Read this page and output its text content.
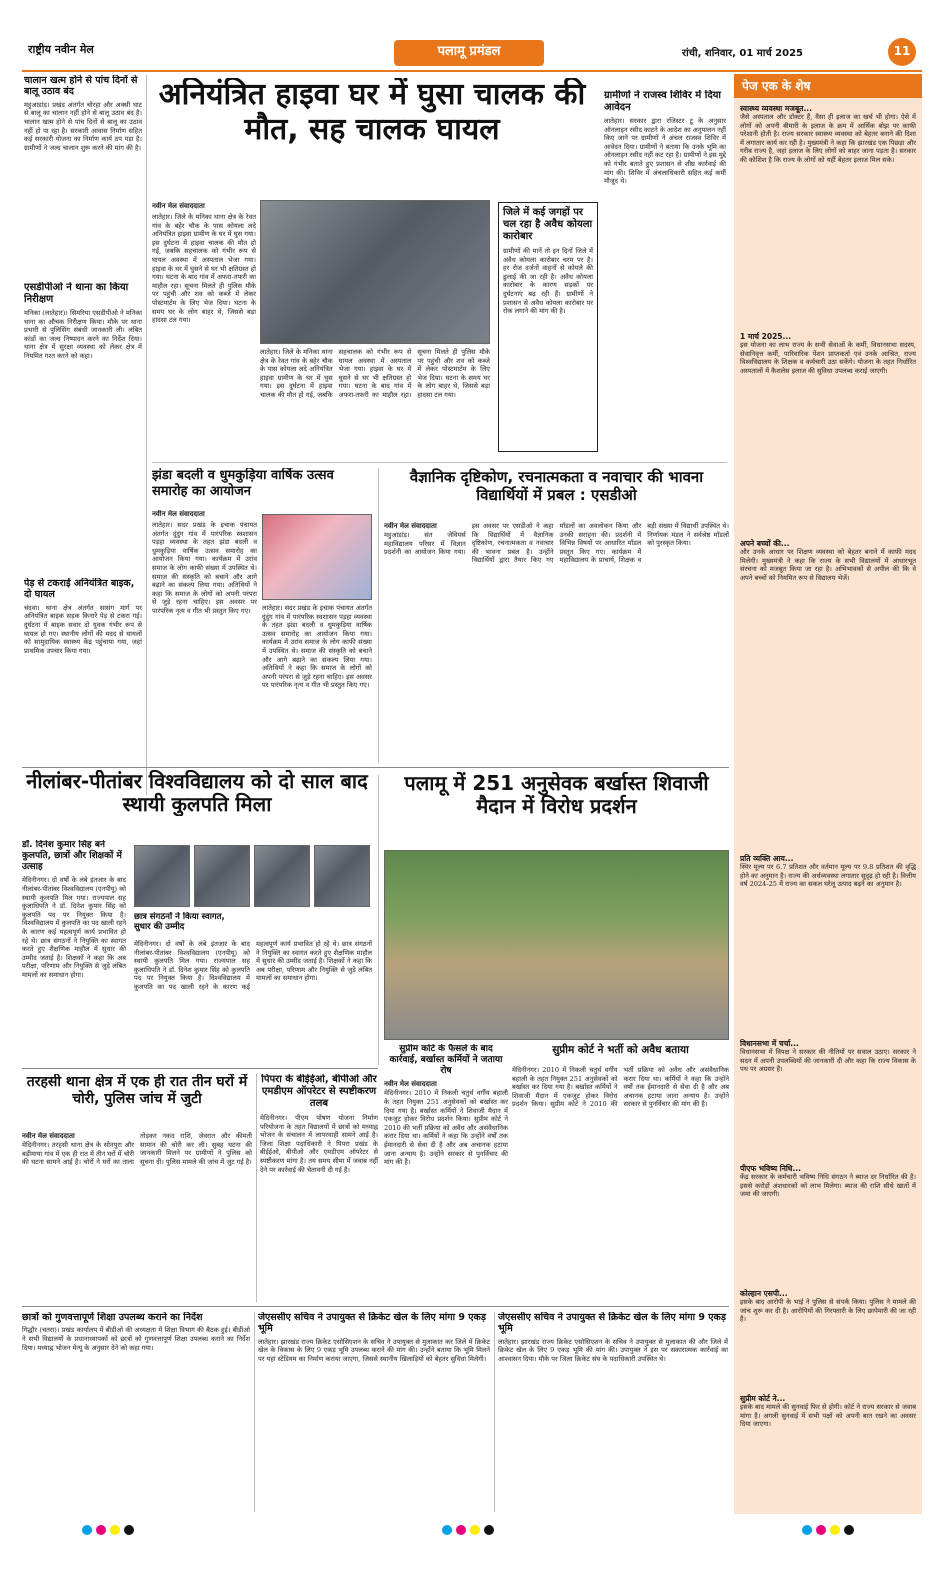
राष्ट्रीय नवीन मेल	पलामू प्रमंडल	रांची, शनिवार, 01 मार्च 2025	11
चालान खत्म होने से पांच दिनों से बालू उठाव बंद
महुआडांड़। प्रखंड अंतर्गत चोरहा और अक्सी घाट से बालू का चालान नहीं होने से बालू उठाव बंद है। चालान खत्म होने से पांच दिनों से बालू का उठाव नहीं हो पा रहा है। सरकारी आवास निर्माण सहित कई सरकारी योजना का निर्माण कार्य ठप पड़ा है। ग्रामीणों ने जल्द चालान शुरू करने की मांग की है।
एसडीपीओ ने थाना का किया निरीक्षण
मनिका (लातेहार)। सिमरिया एसडीपीओ ने मनिका थाना का औचक निरीक्षण किया। मौके पर थाना प्रभारी से पुलिसिंग संबंधी जानकारी ली। लंबित कांडों का जल्द निष्पादन करने का निर्देश दिया। थाना क्षेत्र में सुरक्षा व्यवस्था को लेकर क्षेत्र में नियमित गश्त करने को कहा।
पेड़ से टकराई अनियंत्रित बाइक, दो घायल
चंदवा। थाना क्षेत्र अंतर्गत सासंग मार्ग पर अनियंत्रित बाइक सड़क किनारे पेड़ से टकरा गई। दुर्घटना में बाइक सवार दो युवक गंभीर रूप से घायल हो गए। स्थानीय लोगों की मदद से घायलों को सामुदायिक स्वास्थ्य केंद्र पहुंचाया गया, जहां प्राथमिक उपचार किया गया।
अनियंत्रित हाइवा घर में घुसा चालक की मौत, सह चालक घायल
नवीन मेल संवाददाता
लातेहार। जिले के मनिका थाना क्षेत्र के रेवत गांव के बहेर चौक के पास कोयला लदे अनियंत्रित हाइवा ग्रामीण के घर में घुस गया। इस दुर्घटना में हाइवा चालक की मौत हो गई, जबकि सहचालक को गंभीर रूप से घायल अवस्था में अस्पताल भेजा गया। हाइवा के घर में घुसने से घर भी क्षतिग्रस्त हो गया। घटना के बाद गांव में अफरा-तफरी का माहौल रहा। सूचना मिलते ही पुलिस मौके पर पहुंची और शव को कब्जे में लेकर पोस्टमार्टम के लिए भेज दिया। घटना के समय घर के लोग बाहर थे, जिससे बड़ा हादसा टल गया।
लातेहार। जिले के मनिका थाना क्षेत्र के रेवत गांव के बहेर चौक के पास कोयला लदे अनियंत्रित हाइवा ग्रामीण के घर में घुस गया। इस दुर्घटना में हाइवा चालक की मौत हो गई, जबकि सहचालक को गंभीर रूप से घायल अवस्था में अस्पताल भेजा गया। हाइवा के घर में घुसने से घर भी क्षतिग्रस्त हो गया। घटना के बाद गांव में अफरा-तफरी का माहौल रहा। सूचना मिलते ही पुलिस मौके पर पहुंची और शव को कब्जे में लेकर पोस्टमार्टम के लिए भेज दिया। घटना के समय घर के लोग बाहर थे, जिससे बड़ा हादसा टल गया।
जिले में कई जगहों पर चल रहा है अवैध कोयला कारोबार
ग्रामीणों की मानें तो इन दिनों जिले में अवैध कोयला कारोबार चरम पर है। हर रोज दर्जनों वाहनों से कोयले की ढुलाई की जा रही है। अवैध कोयला कारोबार के कारण सड़कों पर दुर्घटनाएं बढ़ रही हैं। ग्रामीणों ने प्रशासन से अवैध कोयला कारोबार पर रोक लगाने की मांग की है।
ग्रामीणों ने राजस्व शिविर में दिया आवेदन
लातेहार। सरकार द्वारा रजिस्टर टू के अनुसार ऑनलाइन रसीद काटने के आदेश का अनुपालन नहीं किए जाने पर ग्रामीणों ने अंचल राजस्व शिविर में आवेदन दिया। ग्रामीणों ने बताया कि उनके भूमि का ऑनलाइन रसीद नहीं कट रहा है। ग्रामीणों ने इस मुद्दे को गंभीर बताते हुए प्रशासन से शीघ्र कार्रवाई की मांग की। शिविर में अंचलाधिकारी सहित कई कर्मी मौजूद थे।
झंडा बदली व धुमकुड़िया वार्षिक उत्सव समारोह का आयोजन
नवीन मेल संवाददाता
लातेहार। सदर प्रखंड के इचाक पंचायत अंतर्गत दुंदुंग गांव में पारंपरिक स्वशासन पड़हा व्यवस्था के तहत झंडा बदली व धुमकुड़िया वार्षिक उत्सव समारोह का आयोजन किया गया। कार्यक्रम में उरांव समाज के लोग काफी संख्या में उपस्थित थे। समाज की संस्कृति को बचाने और आगे बढ़ाने का संकल्प लिया गया। अतिथियों ने कहा कि समाज के लोगों को अपनी परंपरा से जुड़े रहना चाहिए। इस अवसर पर पारंपरिक नृत्य व गीत भी प्रस्तुत किए गए।	लातेहार। सदर प्रखंड के इचाक पंचायत अंतर्गत दुंदुंग गांव में पारंपरिक स्वशासन पड़हा व्यवस्था के तहत झंडा बदली व धुमकुड़िया वार्षिक उत्सव समारोह का आयोजन किया गया। कार्यक्रम में उरांव समाज के लोग काफी संख्या में उपस्थित थे। समाज की संस्कृति को बचाने और आगे बढ़ाने का संकल्प लिया गया। अतिथियों ने कहा कि समाज के लोगों को अपनी परंपरा से जुड़े रहना चाहिए। इस अवसर पर पारंपरिक नृत्य व गीत भी प्रस्तुत किए गए।
वैज्ञानिक दृष्टिकोण, रचनात्मकता व नवाचार की भावना विद्यार्थियों में प्रबल : एसडीओ
नवीन मेल संवाददाता
महुआडांड़। संत जेवियर्स महाविद्यालय परिसर में विज्ञान प्रदर्शनी का आयोजन किया गया। इस अवसर पर एसडीओ ने कहा कि विद्यार्थियों में वैज्ञानिक दृष्टिकोण, रचनात्मकता व नवाचार की भावना प्रबल है। उन्होंने विद्यार्थियों द्वारा तैयार किए गए मॉडलों का अवलोकन किया और उनकी सराहना की। प्रदर्शनी में विभिन्न विषयों पर आधारित मॉडल प्रस्तुत किए गए। कार्यक्रम में महाविद्यालय के प्राचार्य, शिक्षक व बड़ी संख्या में विद्यार्थी उपस्थित थे। निर्णायक मंडल ने सर्वश्रेष्ठ मॉडलों को पुरस्कृत किया।
नीलांबर-पीतांबर विश्वविद्यालय को दो साल बाद स्थायी कुलपति मिला
डॉ. दिनेश कुमार सिंह बने कुलपति, छात्रों और शिक्षकों में उत्साह
मेदिनीनगर। दो वर्षों के लंबे इंतजार के बाद नीलांबर-पीतांबर विश्वविद्यालय (एनपीयू) को स्थायी कुलपति मिल गया। राज्यपाल सह कुलाधिपति ने डॉ. दिनेश कुमार सिंह को कुलपति पद पर नियुक्त किया है। विश्वविद्यालय में कुलपति का पद खाली रहने के कारण कई महत्वपूर्ण कार्य प्रभावित हो रहे थे। छात्र संगठनों ने नियुक्ति का स्वागत करते हुए शैक्षणिक माहौल में सुधार की उम्मीद जताई है। शिक्षकों ने कहा कि अब परीक्षा, परिणाम और नियुक्ति से जुड़े लंबित मामलों का समाधान होगा।
छात्र संगठनों ने किया स्वागत, सुधार की उम्मीद
मेदिनीनगर। दो वर्षों के लंबे इंतजार के बाद नीलांबर-पीतांबर विश्वविद्यालय (एनपीयू) को स्थायी कुलपति मिल गया। राज्यपाल सह कुलाधिपति ने डॉ. दिनेश कुमार सिंह को कुलपति पद पर नियुक्त किया है। विश्वविद्यालय में कुलपति का पद खाली रहने के कारण कई महत्वपूर्ण कार्य प्रभावित हो रहे थे। छात्र संगठनों ने नियुक्ति का स्वागत करते हुए शैक्षणिक माहौल में सुधार की उम्मीद जताई है। शिक्षकों ने कहा कि अब परीक्षा, परिणाम और नियुक्ति से जुड़े लंबित मामलों का समाधान होगा।
पलामू में 251 अनुसेवक बर्खास्त शिवाजी मैदान में विरोध प्रदर्शन
सुप्रीम कोर्ट ने भर्ती को अवैध बताया
सुप्रीम कोर्ट के फैसले के बाद कार्रवाई, बर्खास्त कर्मियों ने जताया रोष
नवीन मेल संवाददाता
मेदिनीनगर। 2010 में निकली चतुर्थ वर्गीय बहाली के तहत नियुक्त 251 अनुसेवकों को बर्खास्त कर दिया गया है। बर्खास्त कर्मियों ने शिवाजी मैदान में एकजुट होकर विरोध प्रदर्शन किया। सुप्रीम कोर्ट ने 2010 की भर्ती प्रक्रिया को अवैध और असंवैधानिक करार दिया था। कर्मियों ने कहा कि उन्होंने वर्षों तक ईमानदारी से सेवा दी है और अब अचानक हटाया जाना अन्याय है। उन्होंने सरकार से पुनर्विचार की मांग की है।
मेदिनीनगर। 2010 में निकली चतुर्थ वर्गीय बहाली के तहत नियुक्त 251 अनुसेवकों को बर्खास्त कर दिया गया है। बर्खास्त कर्मियों ने शिवाजी मैदान में एकजुट होकर विरोध प्रदर्शन किया। सुप्रीम कोर्ट ने 2010 की भर्ती प्रक्रिया को अवैध और असंवैधानिक करार दिया था। कर्मियों ने कहा कि उन्होंने वर्षों तक ईमानदारी से सेवा दी है और अब अचानक हटाया जाना अन्याय है। उन्होंने सरकार से पुनर्विचार की मांग की है।
तरहसी थाना क्षेत्र में एक ही रात तीन घरों में चोरी, पुलिस जांच में जुटी
नवीन मेल संवाददाता
मेदिनीनगर। तरहसी थाना क्षेत्र के सोनपुरा और बड़ीमाया गांव में एक ही रात में तीन घरों में चोरी की घटना सामने आई है। चोरों ने घरों का ताला तोड़कर नकद राशि, जेवरात और कीमती सामान की चोरी कर ली। सुबह घटना की जानकारी मिलने पर ग्रामीणों ने पुलिस को सूचना दी। पुलिस मामले की जांच में जुट गई है।
पिपरा के बीईईओ, बीपीओ और एमडीएम ऑपरेटर से स्पष्टीकरण तलब
मेदिनीनगर। पीएम पोषण योजना निर्माण परियोजना के तहत विद्यालयों में छात्रों को मध्याह्न भोजन के संचालन में लापरवाही सामने आई है। जिला शिक्षा पदाधिकारी ने पिपरा प्रखंड के बीईईओ, बीपीओ और एमडीएम ऑपरेटर से स्पष्टीकरण मांगा है। तय समय सीमा में जवाब नहीं देने पर कार्रवाई की चेतावनी दी गई है।
छात्रों को गुणवत्तापूर्ण शिक्षा उपलब्ध कराने का निर्देश
गिद्धौर (चतरा)। प्रखंड कार्यालय में बीडीओ की अध्यक्षता में शिक्षा विभाग की बैठक हुई। बीडीओ ने सभी विद्यालयों के प्रधानाध्यापकों को छात्रों को गुणवत्तापूर्ण शिक्षा उपलब्ध कराने का निर्देश दिया। मध्याह्न भोजन मेन्यू के अनुसार देने को कहा गया।
जेएससीए सचिव ने उपायुक्त से क्रिकेट खेल के लिए मांगा 9 एकड़ भूमि
लातेहार। झारखंड राज्य क्रिकेट एसोसिएशन के सचिव ने उपायुक्त से मुलाकात कर जिले में क्रिकेट खेल के विकास के लिए 9 एकड़ भूमि उपलब्ध कराने की मांग की। उन्होंने बताया कि भूमि मिलने पर यहां स्टेडियम का निर्माण कराया जाएगा, जिससे स्थानीय खिलाड़ियों को बेहतर सुविधा मिलेगी।
जेएससीए सचिव ने उपायुक्त से क्रिकेट खेल के लिए मांगा 9 एकड़ भूमि
लातेहार। झारखंड राज्य क्रिकेट एसोसिएशन के सचिव ने उपायुक्त से मुलाकात की और जिले में क्रिकेट खेल के लिए 9 एकड़ भूमि की मांग की। उपायुक्त ने इस पर सकारात्मक कार्रवाई का आश्वासन दिया। मौके पर जिला क्रिकेट संघ के पदाधिकारी उपस्थित थे।
पेज एक के शेष
स्वास्थ्य व्यवस्था मजबूत...
जैसे अस्पताल और डॉक्टर हैं, वैसा ही इलाज का खर्च भी होगा। ऐसे में लोगों को अपनी बीमारी के इलाज के क्रम में आर्थिक बोझ पर काफी परेशानी होती है। राज्य सरकार स्वास्थ्य व्यवस्था को बेहतर बनाने की दिशा में लगातार कार्य कर रही है। मुख्यमंत्री ने कहा कि झारखंड एक पिछड़ा और गरीब राज्य है, जहां इलाज के लिए लोगों को बाहर जाना पड़ता है। सरकार की कोशिश है कि राज्य के लोगों को यहीं बेहतर इलाज मिल सके।
1 मार्च 2025...
इस योजना का लाभ राज्य के सभी सेवाओं के कर्मी, विधानसभा सदस्य, सेवानिवृत्त कर्मी, पारिवारिक पेंशन प्राप्तकर्ता एवं उनके आश्रित, राज्य विश्वविद्यालय के शिक्षक व कर्मचारी उठा सकेंगे। योजना के तहत निर्धारित अस्पतालों में कैशलेस इलाज की सुविधा उपलब्ध कराई जाएगी।
अपने बच्चों की...
और उनके आधार पर शिक्षण व्यवस्था को बेहतर बनाने में काफी मदद मिलेगी। मुख्यमंत्री ने कहा कि राज्य के सभी विद्यालयों में आधारभूत संरचना को मजबूत किया जा रहा है। अभिभावकों से अपील की कि वे अपने बच्चों को नियमित रूप से विद्यालय भेजें।
प्रति व्यक्ति आय...
स्थिर मूल्य पर 6.7 प्रतिशत और वर्तमान मूल्य पर 9.8 प्रतिशत की वृद्धि होने का अनुमान है। राज्य की अर्थव्यवस्था लगातार सुदृढ़ हो रही है। वित्तीय वर्ष 2024-25 में राज्य का सकल घरेलू उत्पाद बढ़ने का अनुमान है।
विधानसभा में चर्चा...
विधानसभा में विपक्ष ने सरकार की नीतियों पर सवाल उठाए। सरकार ने सदन में अपनी उपलब्धियों की जानकारी दी और कहा कि राज्य विकास के पथ पर अग्रसर है।
पीएफ भविष्य निधि...
केंद्र सरकार के कर्मचारी भविष्य निधि संगठन ने ब्याज दर निर्धारित की है। इससे करोड़ों अंशधारकों को लाभ मिलेगा। ब्याज की राशि सीधे खातों में जमा की जाएगी।
कोल्हान एसपी...
इसके बाद आरोपी के भाई ने पुलिस से संपर्क किया। पुलिस ने मामले की जांच शुरू कर दी है। आरोपियों की गिरफ्तारी के लिए छापेमारी की जा रही है।
सुप्रीम कोर्ट ने...
इसके बाद मामले की सुनवाई फिर से होगी। कोर्ट ने राज्य सरकार से जवाब मांगा है। अगली सुनवाई में सभी पक्षों को अपनी बात रखने का अवसर दिया जाएगा।
